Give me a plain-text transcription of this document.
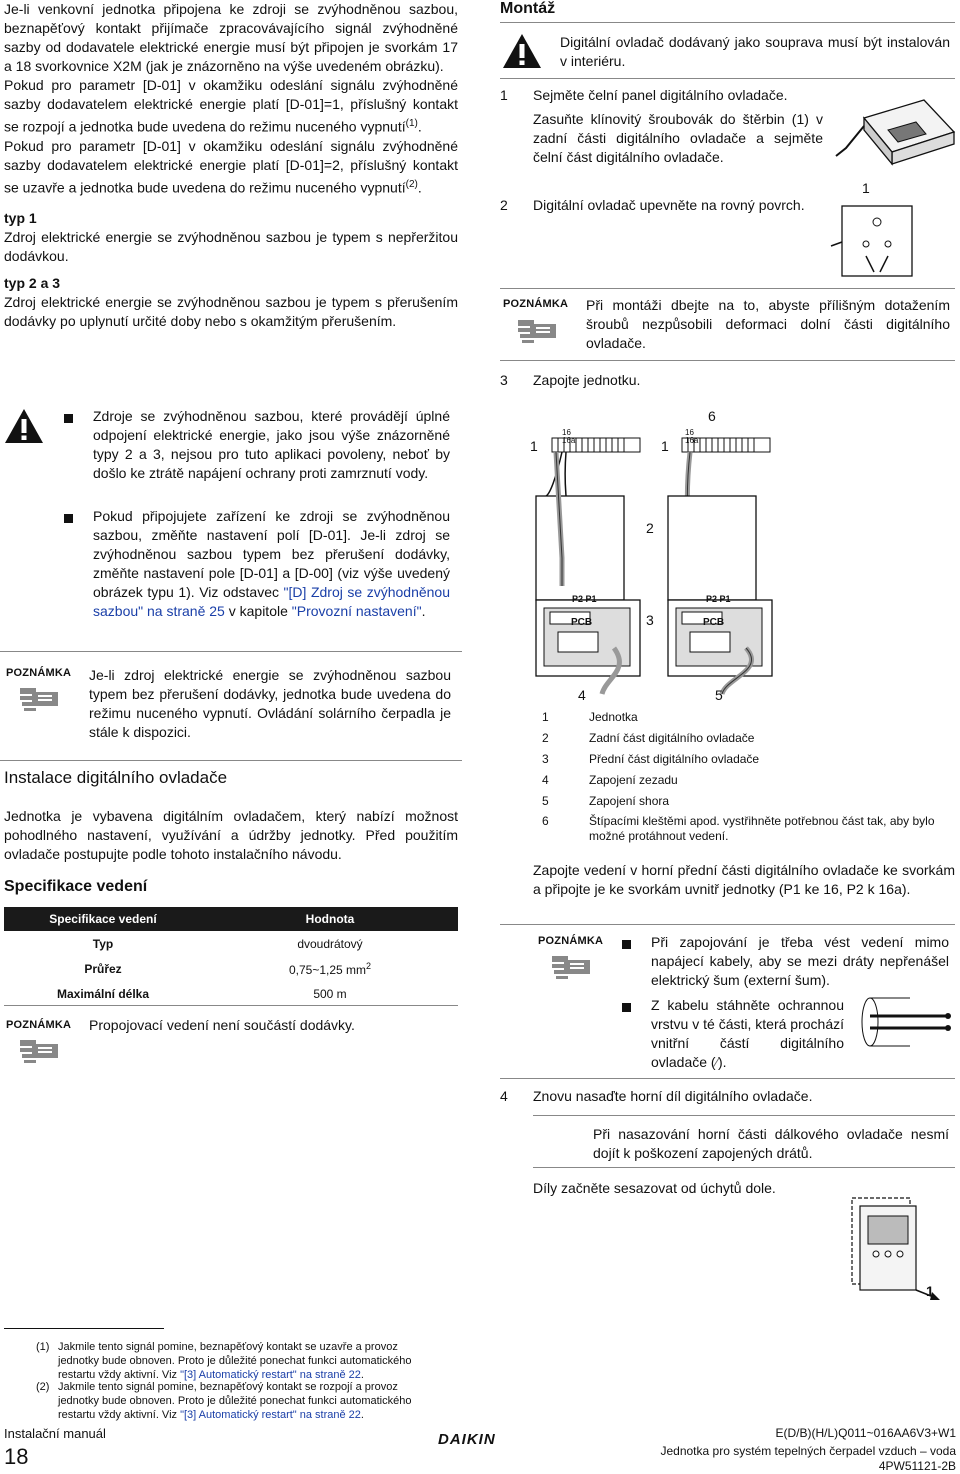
Je-li venkovní jednotka připojena ke zdroji se zvýhodněnou sazbou, beznapěťový kontakt přijímače zpracovávajícího signál zvýhodněné sazby od dodavatele elektrické energie musí být připojen je svorkám 17 a 18 svorkovnice X2M (jak je znázorněno na výše uvedeném obrázku).

Pokud pro parametr [D-01] v okamžiku odeslání signálu zvýhodněné sazby dodavatelem elektrické energie platí [D-01]=1, příslušný kontakt se rozpojí a jednotka bude uvedena do režimu nuceného vypnutí$^{(1)}$.

Pokud pro parametr [D-01] v okamžiku odeslání signálu zvýhodněné sazby dodavatelem elektrické energie platí [D-01]=2, příslušný kontakt se uzavře a jednotka bude uvedena do režimu nuceného vypnutí$^{(2)}$.

typ 1

Zdroj elektrické energie se zvýhodněnou sazbou je typem s nepřeržitou dodávkou.

typ 2 a 3

Zdroj elektrické energie se zvýhodněnou sazbou je typem s přerušením dodávky po uplynutí určité doby nebo s okamžitým přerušením.

Zdroje se zvýhodněnou sazbou, které provádějí úplné odpojení elektrické energie, jako jsou výše znázorněné typy 2 a 3, nejsou pro tuto aplikaci povoleny, neboť by došlo ke ztrátě napájení ochrany proti zamrznutí vody.

Pokud připojujete zařízení ke zdroji se zvýhodněnou sazbou, změňte nastavení polí [D-01]. Je-li zdroj se zvýhodněnou sazbou typem bez přerušení dodávky, změňte nastavení pole [D-01] a [D-00] (viz výše uvedený obrázek typu 1). Viz odstavec "[D] Zdroj se zvýhodněnou sazbou" na straně 25 v kapitole "Provozní nastavení".

POZNÁMKA Je-li zdroj elektrické energie se zvýhodněnou sazbou typem bez přerušení dodávky, jednotka bude uvedena do režimu nuceného vypnutí. Ovládání solárního čerpadla je stále k dispozici.

Instalace digitálního ovladače

Jednotka je vybavena digitálním ovladačem, který nabízí možnost pohodlného nastavení, využívání a údržby jednotky. Před použitím ovladače postupujte podle tohoto instalačního návodu.

Specifikace vedení
Specifikace vedení	Hodnota
Typ	dvoudrátový
Průřez	0,75~1,25 $mm^2$
Maximální délka	500 m
POZNÁMKA Propojovací vedení není součástí dodávky.

Montáž

Digitální ovladač dodávaný jako souprava musí být instalován v interiéru.

1 Sejměte čelní panel digitálního ovladače.

Zasuňte klínovitý šroubovák do štěrbin (1) v zadní části digitálního ovladače a sejměte čelní část digitálního ovladače.

1
2 Digitální ovladač upevněte na rovný povrch.

POZNÁMKA Při montáži dbejte na to, abyste přílišným dotažením šroubů nezpůsobili deformaci dolní části digitálního ovladače.

3 Zapojte jednotku.

1	1
6
2
3
4	5
P2 P1	P2 P1
PCB	PCB
16
16a
16
16a
1	Jednotka
2	Zadní část digitálního ovladače
3	Přední část digitálního ovladače
4	Zapojení zezadu
5	Zapojení shora
6	Štípacími kleštěmi apod. vystřihněte potřebnou část tak, aby bylo možné protáhnout vedení.

Zapojte vedení v horní přední části digitálního ovladače ke svorkám a připojte je ke svorkám uvnitř jednotky (P1 ke 16, P2 k 16a).

POZNÁMKA	Při zapojování je třeba vést vedení mimo napájecí kabely, aby se mezi dráty nepřenášel elektrický šum (externí šum).

Z kabelu stáhněte ochrannou vrstvu v té části, která prochází vnitřní částí digitálního ovladače (⁄).

4 Znovu nasaďte horní díl digitálního ovladače.

Při nasazování horní části dálkového ovladače nesmí dojít k poškození zapojených drátů.

Díly začněte sesazovat od úchytů dole.

1
(1) Jakmile tento signál pomine, beznapěťový kontakt se uzavře a provoz jednotky bude obnoven. Proto je důležité ponechat funkci automatického restartu vždy aktivní. Viz "[3] Automatický restart" na straně 22.
(2) Jakmile tento signál pomine, beznapěťový kontakt se rozpojí a provoz jednotky bude obnoven. Proto je důležité ponechat funkci automatického restartu vždy aktivní. Viz "[3] Automatický restart" na straně 22.
Instalační manuál
18
DAIKIN	E(D/B)(H/L)Q011~016AA6V3+W1
Jednotka pro systém tepelných čerpadel vzduch – voda
4PW51121-2B
